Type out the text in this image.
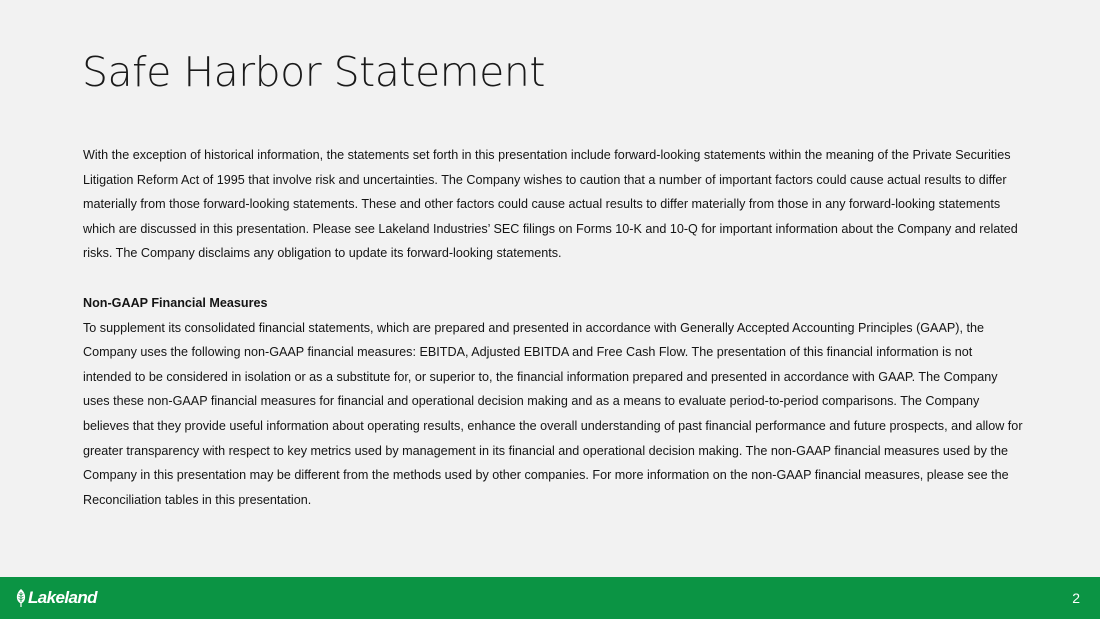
Safe Harbor Statement

With the exception of historical information, the statements set forth in this presentation include forward-looking statements within the meaning of the Private Securities Litigation Reform Act of 1995 that involve risk and uncertainties. The Company wishes to caution that a number of important factors could cause actual results to differ materially from those forward-looking statements. These and other factors could cause actual results to differ materially from those in any forward-looking statements which are discussed in this presentation. Please see Lakeland Industries’ SEC filings on Forms 10-K and 10-Q for important information about the Company and related risks. The Company disclaims any obligation to update its forward-looking statements.

Non-GAAP Financial Measures

To supplement its consolidated financial statements, which are prepared and presented in accordance with Generally Accepted Accounting Principles (GAAP), the Company uses the following non-GAAP financial measures: EBITDA, Adjusted EBITDA and Free Cash Flow. The presentation of this financial information is not intended to be considered in isolation or as a substitute for, or superior to, the financial information prepared and presented in accordance with GAAP. The Company uses these non-GAAP financial measures for financial and operational decision making and as a means to evaluate period-to-period comparisons. The Company believes that they provide useful information about operating results, enhance the overall understanding of past financial performance and future prospects, and allow for greater transparency with respect to key metrics used by management in its financial and operational decision making. The non-GAAP financial measures used by the Company in this presentation may be different from the methods used by other companies. For more information on the non-GAAP financial measures, please see the Reconciliation tables in this presentation.

Lakeland	2
